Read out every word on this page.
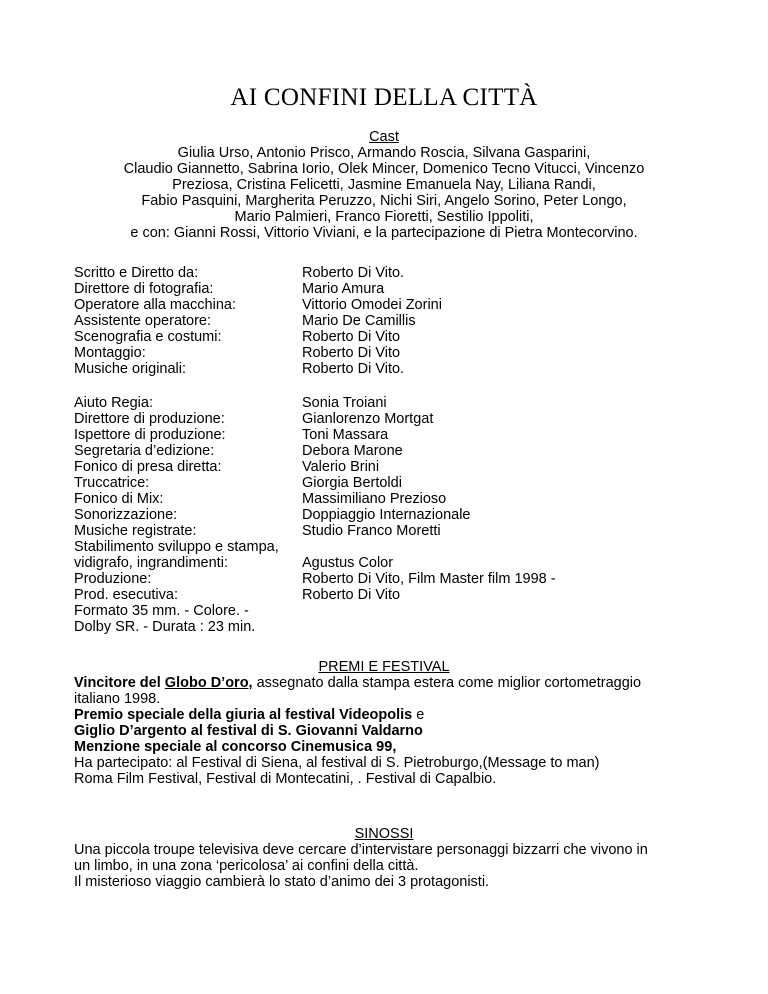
AI CONFINI DELLA CITTÀ
Cast
Giulia Urso, Antonio Prisco, Armando Roscia, Silvana Gasparini,
Claudio Giannetto, Sabrina Iorio, Olek Mincer, Domenico Tecno Vitucci, Vincenzo
Preziosa, Cristina Felicetti, Jasmine Emanuela Nay, Liliana Randi,
Fabio Pasquini, Margherita Peruzzo, Nichi Siri, Angelo Sorino, Peter Longo,
Mario Palmieri, Franco Fioretti, Sestilio Ippoliti,
e con: Gianni Rossi, Vittorio Viviani, e la partecipazione di Pietra Montecorvino.
Scritto e Diretto da:	Roberto Di Vito.
Direttore di fotografia:	Mario Amura
Operatore alla macchina:	Vittorio Omodei Zorini
Assistente operatore:	Mario De Camillis
Scenografia e costumi:	Roberto Di Vito
Montaggio:	Roberto Di Vito
Musiche originali:	Roberto Di Vito.
Aiuto Regia:	Sonia Troiani
Direttore di produzione:	Gianlorenzo Mortgat
Ispettore di produzione:	Toni Massara
Segretaria d’edizione:	Debora Marone
Fonico di presa diretta:	Valerio Brini
Truccatrice:	Giorgia Bertoldi
Fonico di Mix:	Massimiliano Prezioso
Sonorizzazione:	Doppiaggio Internazionale
Musiche registrate:	Studio Franco Moretti
Stabilimento sviluppo e stampa,
vidigrafo, ingrandimenti:	Agustus Color
Produzione:	Roberto Di Vito, Film Master film 1998 -
Prod. esecutiva:	Roberto Di Vito
Formato 35 mm. - Colore. -
Dolby SR. - Durata : 23 min.
PREMI E FESTIVAL
Vincitore del Globo D’oro, assegnato dalla stampa estera come miglior cortometraggio
italiano 1998.
Premio speciale della giuria al festival Videopolis e
Giglio D’argento al festival di S. Giovanni Valdarno
Menzione speciale al concorso Cinemusica 99,
Ha partecipato: al Festival di Siena, al festival di S. Pietroburgo,(Message to man)
Roma Film Festival, Festival di Montecatini, . Festival di Capalbio.
SINOSSI
Una piccola troupe televisiva deve cercare d’intervistare personaggi bizzarri che vivono in
un limbo, in una zona ‘pericolosa’ ai confini della città.
Il misterioso viaggio cambierà lo stato d’animo dei 3 protagonisti.
